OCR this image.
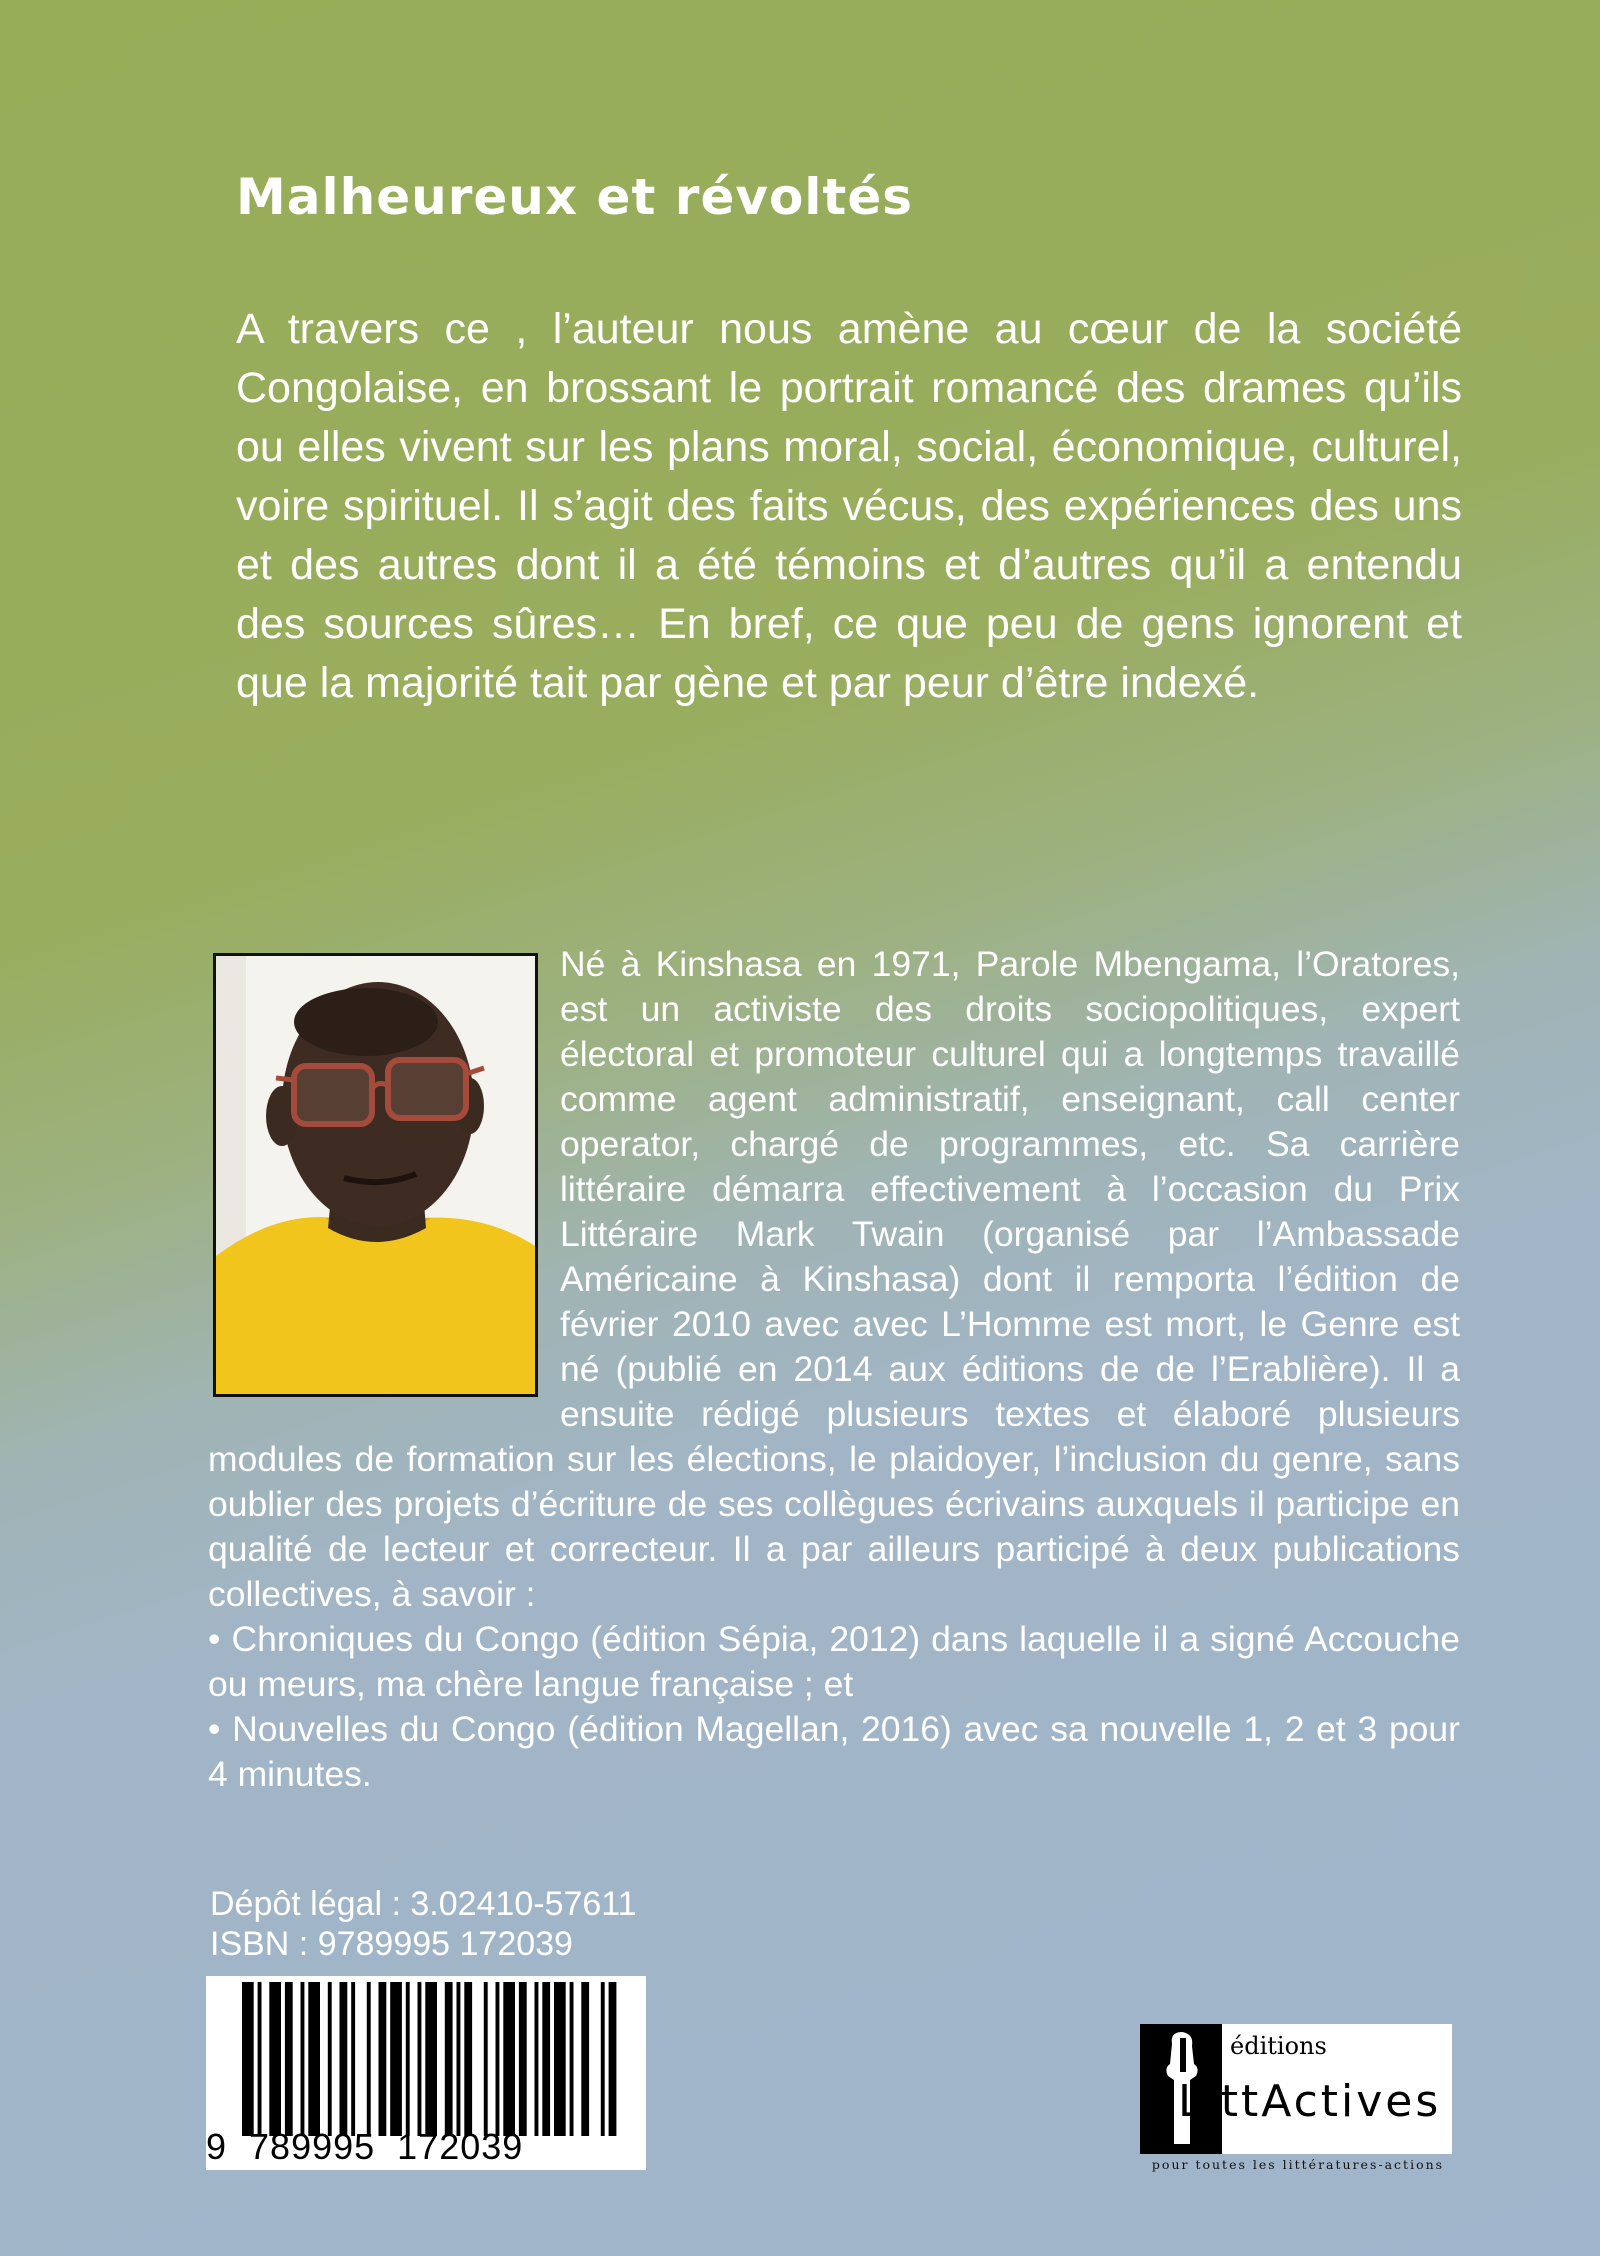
Malheureux et révoltés

A travers ce , l’auteur nous amène au cœur de la société Congolaise, en brossant le portrait romancé des drames qu’ils ou elles vivent sur les plans moral, social, économique, culturel, voire spirituel. Il s’agit des faits vécus, des expériences des uns et des autres dont il a été témoins et d’autres qu’il a entendu des sources sûres… En bref, ce que peu de gens ignorent et que la majorité tait par gène et par peur d’être indexé.

Né à Kinshasa en 1971, Parole Mbengama, l’Oratores, est un activiste des droits sociopolitiques, expert électoral et promoteur culturel qui a longtemps travaillé comme agent administratif, enseignant, call center operator, chargé de programmes, etc. Sa carrière littéraire démarra effectivement à l’occasion du Prix Littéraire Mark Twain (organisé par l’Ambassade Américaine à Kinshasa) dont il remporta l’édition de février 2010 avec avec L’Homme est mort, le Genre est né (publié en 2014 aux éditions de de l’Erablière). Il a ensuite rédigé plusieurs textes et élaboré plusieurs modules de formation sur les élections, le plaidoyer, l’inclusion du genre, sans oublier des projets d’écriture de ses collègues écrivains auxquels il participe en qualité de lecteur et correcteur. Il a par ailleurs participé à deux publications collectives, à savoir :
• Chroniques du Congo (édition Sépia, 2012) dans laquelle il a signé Accouche ou meurs, ma chère langue française ; et
• Nouvelles du Congo (édition Magellan, 2016) avec sa nouvelle 1, 2 et 3 pour 4 minutes.
Dépôt légal : 3.02410-57611
ISBN : 9789995 172039
9  789995  172039
éditions
LittActives
pour toutes les littératures-actions
